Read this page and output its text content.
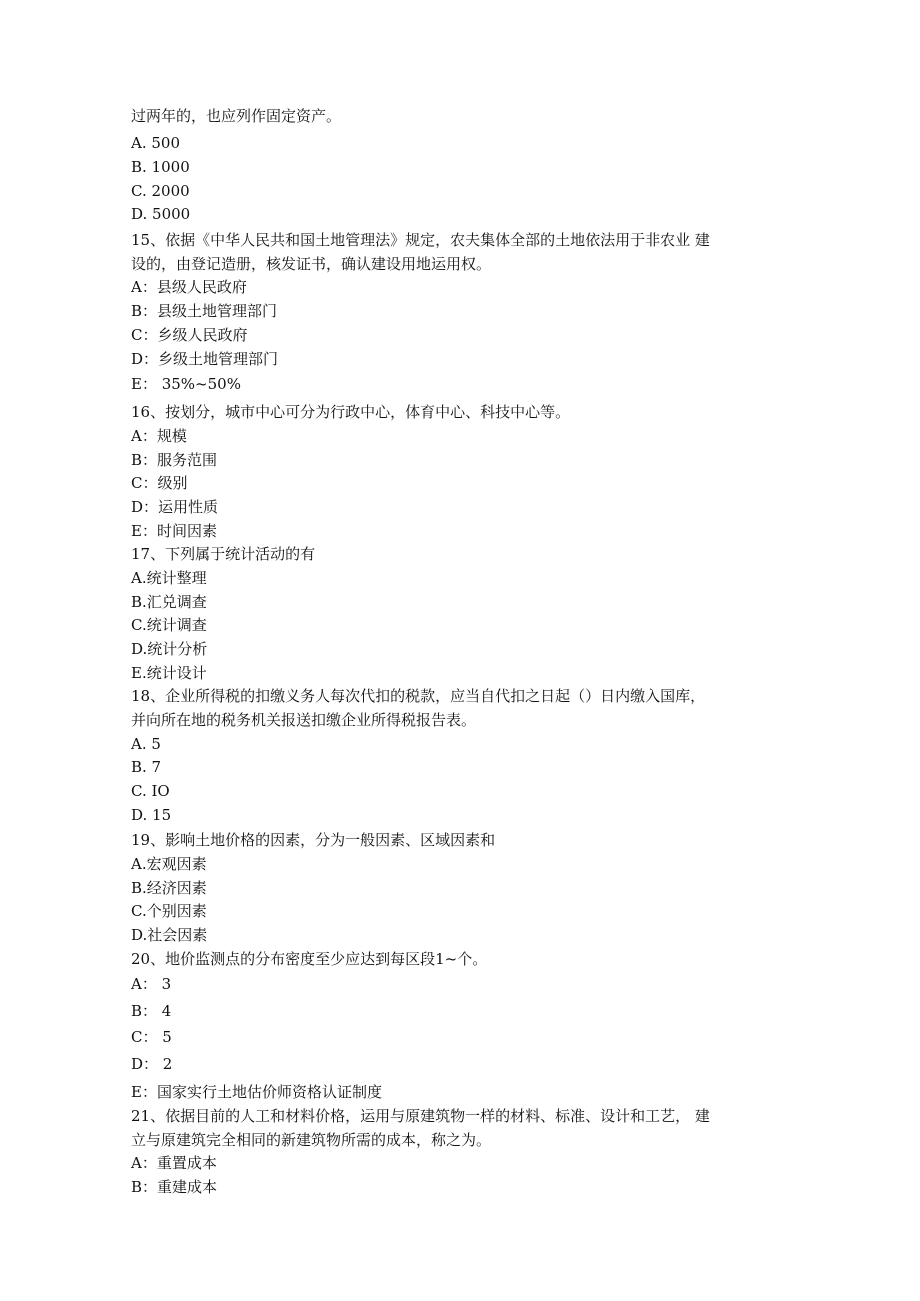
过两年的，也应列作固定资产。
A. 500
B. 1000
C. 2000
D. 5000
15、依据《中华人民共和国土地管理法》规定，农夫集体全部的土地依法用于非农业 建
设的，由登记造册，核发证书，确认建设用地运用权。
A：县级人民政府
B：县级土地管理部门
C：乡级人民政府
D：乡级土地管理部门
E： 35%~50%
16、按划分，城市中心可分为行政中心，体育中心、科技中心等。
A：规模
B：服务范围
C：级别
D：运用性质
E：时间因素
17、下列属于统计活动的有
A.统计整理
B.汇兑调查
C.统计调查
D.统计分析
E.统计设计
18、企业所得税的扣缴义务人每次代扣的税款，应当自代扣之日起（）日内缴入国库，
并向所在地的税务机关报送扣缴企业所得税报告表。
A. 5
B. 7
C. IO
D. 15
19、影响土地价格的因素，分为一般因素、区域因素和
A.宏观因素
B.经济因素
C.个别因素
D.社会因素
20、地价监测点的分布密度至少应达到每区段1~个。
A： 3
B： 4
C： 5
D： 2
E：国家实行土地估价师资格认证制度
21、依据目前的人工和材料价格，运用与原建筑物一样的材料、标准、设计和工艺， 建
立与原建筑完全相同的新建筑物所需的成本，称之为。
A：重置成本
B：重建成本
